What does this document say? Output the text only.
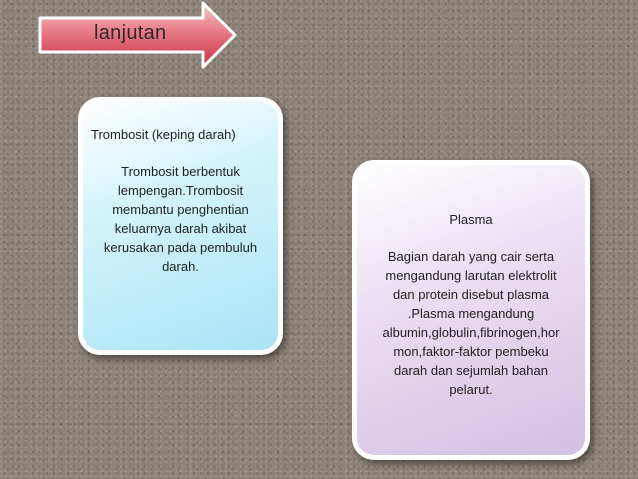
lanjutan

Trombosit (keping darah)

Trombosit berbentuk
lempengan.Trombosit
membantu penghentian
keluarnya darah akibat
kerusakan pada pembuluh
darah.

Plasma

Bagian darah yang cair serta
mengandung larutan elektrolit
dan protein disebut plasma
.Plasma mengandung
albumin,globulin,fibrinogen,hor
mon,faktor-faktor pembeku
darah dan sejumlah bahan
pelarut.
